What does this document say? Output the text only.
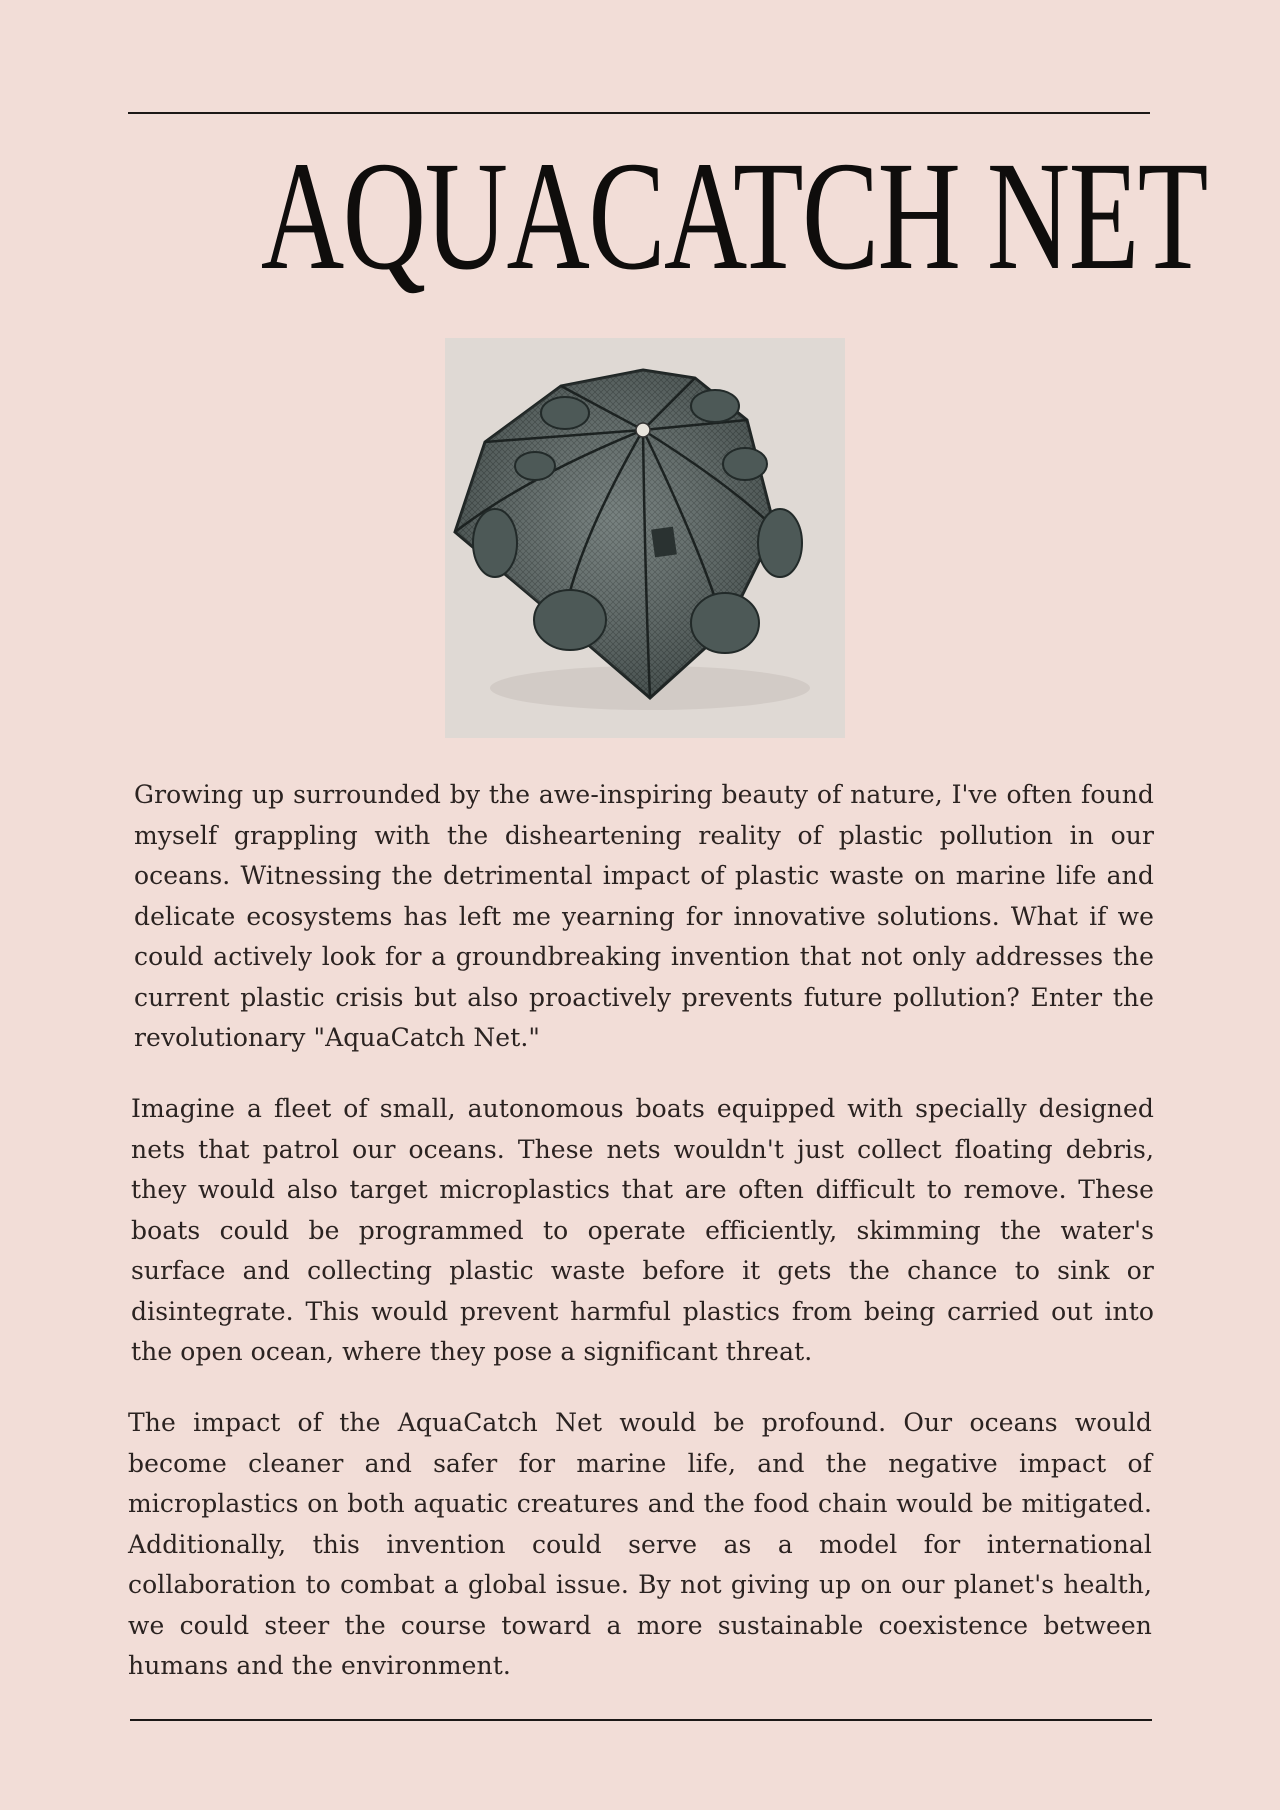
AQUACATCH NET

Growing up surrounded by the awe-inspiring beauty of nature, I've often found myself grappling with the disheartening reality of plastic pollution in our oceans. Witnessing the detrimental impact of plastic waste on marine life and delicate ecosystems has left me yearning for innovative solutions. What if we could actively look for a groundbreaking invention that not only addresses the current plastic crisis but also proactively prevents future pollution? Enter the revolutionary "AquaCatch Net."

Imagine a fleet of small, autonomous boats equipped with specially designed nets that patrol our oceans. These nets wouldn't just collect floating debris, they would also target microplastics that are often difficult to remove. These boats could be programmed to operate efficiently, skimming the water's surface and collecting plastic waste before it gets the chance to sink or disintegrate. This would prevent harmful plastics from being carried out into the open ocean, where they pose a significant threat.

The impact of the AquaCatch Net would be profound. Our oceans would become cleaner and safer for marine life, and the negative impact of microplastics on both aquatic creatures and the food chain would be mitigated. Additionally, this invention could serve as a model for international collaboration to combat a global issue. By not giving up on our planet's health, we could steer the course toward a more sustainable coexistence between humans and the environment.
